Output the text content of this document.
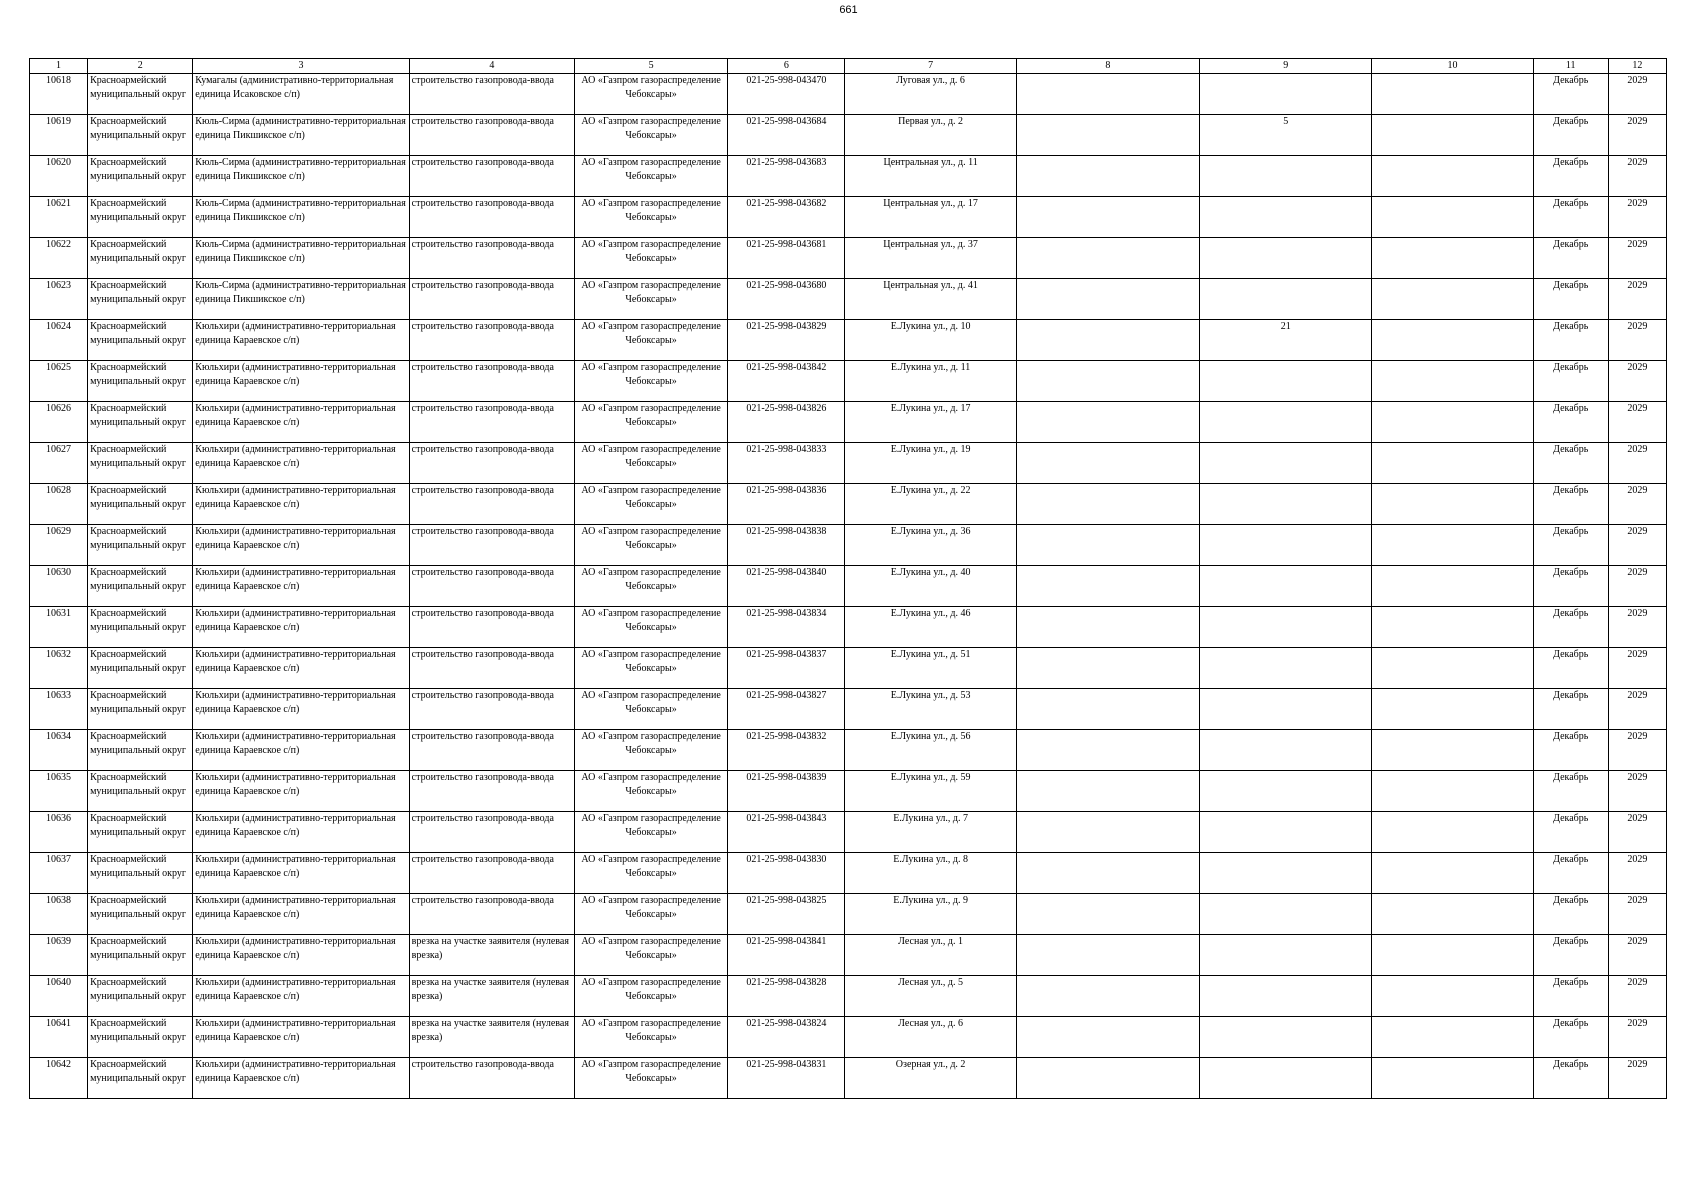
661
1	2	3	4	5	6	7	8	9	10	11	12

10618	Красноармейский муниципальный округ	Кумагалы (административно-территориальная единица Исаковское с/п)	строительство газопровода-ввода	АО «Газпром газораспределение Чебоксары»	021-25-998-043470	Луговая ул., д. 6				Декабрь	2029

10619	Красноармейский муниципальный округ	Кюль-Сирма (административно-территориальная единица Пикшикское с/п)	строительство газопровода-ввода	АО «Газпром газораспределение Чебоксары»	021-25-998-043684	Первая ул., д. 2		5		Декабрь	2029

10620	Красноармейский муниципальный округ	Кюль-Сирма (административно-территориальная единица Пикшикское с/п)	строительство газопровода-ввода	АО «Газпром газораспределение Чебоксары»	021-25-998-043683	Центральная ул., д. 11				Декабрь	2029

10621	Красноармейский муниципальный округ	Кюль-Сирма (административно-территориальная единица Пикшикское с/п)	строительство газопровода-ввода	АО «Газпром газораспределение Чебоксары»	021-25-998-043682	Центральная ул., д. 17				Декабрь	2029

10622	Красноармейский муниципальный округ	Кюль-Сирма (административно-территориальная единица Пикшикское с/п)	строительство газопровода-ввода	АО «Газпром газораспределение Чебоксары»	021-25-998-043681	Центральная ул., д. 37				Декабрь	2029

10623	Красноармейский муниципальный округ	Кюль-Сирма (административно-территориальная единица Пикшикское с/п)	строительство газопровода-ввода	АО «Газпром газораспределение Чебоксары»	021-25-998-043680	Центральная ул., д. 41				Декабрь	2029

10624	Красноармейский муниципальный округ	Кюльхири (административно-территориальная единица Караевское с/п)	строительство газопровода-ввода	АО «Газпром газораспределение Чебоксары»	021-25-998-043829	Е.Лукина ул., д. 10		21		Декабрь	2029

10625	Красноармейский муниципальный округ	Кюльхири (административно-территориальная единица Караевское с/п)	строительство газопровода-ввода	АО «Газпром газораспределение Чебоксары»	021-25-998-043842	Е.Лукина ул., д. 11				Декабрь	2029

10626	Красноармейский муниципальный округ	Кюльхири (административно-территориальная единица Караевское с/п)	строительство газопровода-ввода	АО «Газпром газораспределение Чебоксары»	021-25-998-043826	Е.Лукина ул., д. 17				Декабрь	2029

10627	Красноармейский муниципальный округ	Кюльхири (административно-территориальная единица Караевское с/п)	строительство газопровода-ввода	АО «Газпром газораспределение Чебоксары»	021-25-998-043833	Е.Лукина ул., д. 19				Декабрь	2029

10628	Красноармейский муниципальный округ	Кюльхири (административно-территориальная единица Караевское с/п)	строительство газопровода-ввода	АО «Газпром газораспределение Чебоксары»	021-25-998-043836	Е.Лукина ул., д. 22				Декабрь	2029

10629	Красноармейский муниципальный округ	Кюльхири (административно-территориальная единица Караевское с/п)	строительство газопровода-ввода	АО «Газпром газораспределение Чебоксары»	021-25-998-043838	Е.Лукина ул., д. 36				Декабрь	2029

10630	Красноармейский муниципальный округ	Кюльхири (административно-территориальная единица Караевское с/п)	строительство газопровода-ввода	АО «Газпром газораспределение Чебоксары»	021-25-998-043840	Е.Лукина ул., д. 40				Декабрь	2029

10631	Красноармейский муниципальный округ	Кюльхири (административно-территориальная единица Караевское с/п)	строительство газопровода-ввода	АО «Газпром газораспределение Чебоксары»	021-25-998-043834	Е.Лукина ул., д. 46				Декабрь	2029

10632	Красноармейский муниципальный округ	Кюльхири (административно-территориальная единица Караевское с/п)	строительство газопровода-ввода	АО «Газпром газораспределение Чебоксары»	021-25-998-043837	Е.Лукина ул., д. 51				Декабрь	2029

10633	Красноармейский муниципальный округ	Кюльхири (административно-территориальная единица Караевское с/п)	строительство газопровода-ввода	АО «Газпром газораспределение Чебоксары»	021-25-998-043827	Е.Лукина ул., д. 53				Декабрь	2029

10634	Красноармейский муниципальный округ	Кюльхири (административно-территориальная единица Караевское с/п)	строительство газопровода-ввода	АО «Газпром газораспределение Чебоксары»	021-25-998-043832	Е.Лукина ул., д. 56				Декабрь	2029

10635	Красноармейский муниципальный округ	Кюльхири (административно-территориальная единица Караевское с/п)	строительство газопровода-ввода	АО «Газпром газораспределение Чебоксары»	021-25-998-043839	Е.Лукина ул., д. 59				Декабрь	2029

10636	Красноармейский муниципальный округ	Кюльхири (административно-территориальная единица Караевское с/п)	строительство газопровода-ввода	АО «Газпром газораспределение Чебоксары»	021-25-998-043843	Е.Лукина ул., д. 7				Декабрь	2029

10637	Красноармейский муниципальный округ	Кюльхири (административно-территориальная единица Караевское с/п)	строительство газопровода-ввода	АО «Газпром газораспределение Чебоксары»	021-25-998-043830	Е.Лукина ул., д. 8				Декабрь	2029

10638	Красноармейский муниципальный округ	Кюльхири (административно-территориальная единица Караевское с/п)	строительство газопровода-ввода	АО «Газпром газораспределение Чебоксары»	021-25-998-043825	Е.Лукина ул., д. 9				Декабрь	2029

10639	Красноармейский муниципальный округ	Кюльхири (административно-территориальная единица Караевское с/п)	врезка на участке заявителя (нулевая врезка)	АО «Газпром газораспределение Чебоксары»	021-25-998-043841	Лесная ул., д. 1				Декабрь	2029

10640	Красноармейский муниципальный округ	Кюльхири (административно-территориальная единица Караевское с/п)	врезка на участке заявителя (нулевая врезка)	АО «Газпром газораспределение Чебоксары»	021-25-998-043828	Лесная ул., д. 5				Декабрь	2029

10641	Красноармейский муниципальный округ	Кюльхири (административно-территориальная единица Караевское с/п)	врезка на участке заявителя (нулевая врезка)	АО «Газпром газораспределение Чебоксары»	021-25-998-043824	Лесная ул., д. 6				Декабрь	2029

10642	Красноармейский муниципальный округ	Кюльхири (административно-территориальная единица Караевское с/п)	строительство газопровода-ввода	АО «Газпром газораспределение Чебоксары»	021-25-998-043831	Озерная ул., д. 2				Декабрь	2029
